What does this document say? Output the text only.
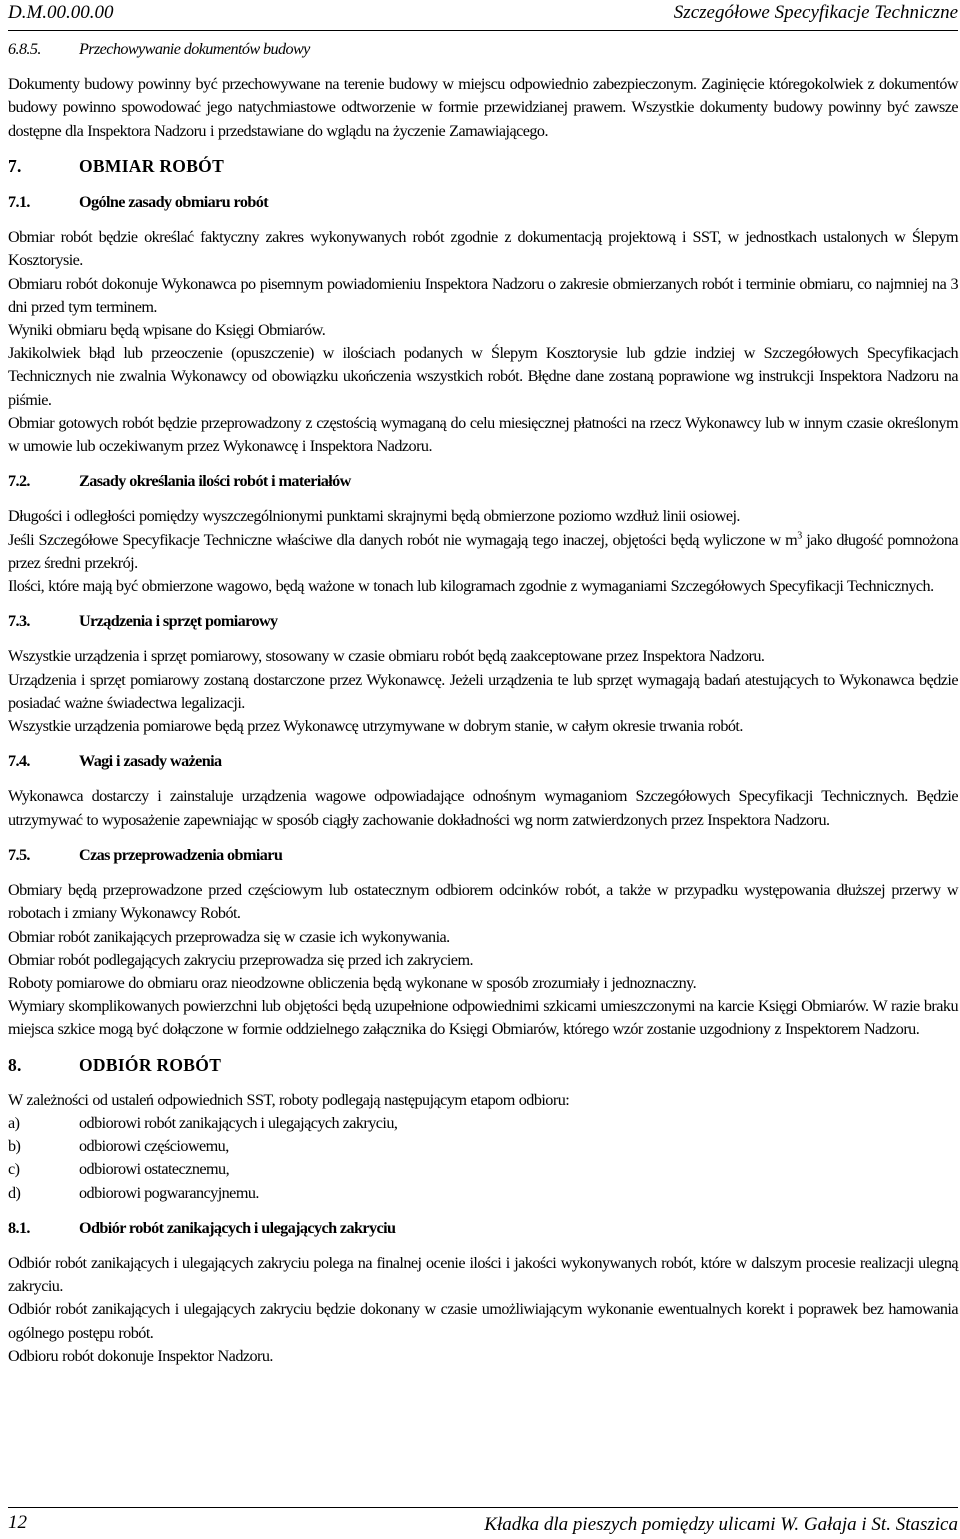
D.M.00.00.00	Szczegółowe Specyfikacje Techniczne
6.8.5.	Przechowywanie dokumentów budowy

Dokumenty budowy powinny być przechowywane na terenie budowy w miejscu odpowiednio zabezpieczonym. Zaginięcie któregokolwiek z dokumentów budowy powinno spowodować jego natychmiastowe odtworzenie w formie przewidzianej prawem. Wszystkie dokumenty budowy powinny być zawsze dostępne dla Inspektora Nadzoru i przedstawiane do wglądu na życzenie Zamawiającego.

7.	OBMIAR ROBÓT
7.1.	Ogólne zasady obmiaru robót

Obmiar robót będzie określać faktyczny zakres wykonywanych robót zgodnie z dokumentacją projektową i SST, w jednostkach ustalonych w Ślepym Kosztorysie.

Obmiaru robót dokonuje Wykonawca po pisemnym powiadomieniu Inspektora Nadzoru o zakresie obmierzanych robót i terminie obmiaru, co najmniej na 3 dni przed tym terminem.

Wyniki obmiaru będą wpisane do Księgi Obmiarów.

Jakikolwiek błąd lub przeoczenie (opuszczenie) w ilościach podanych w Ślepym Kosztorysie lub gdzie indziej w Szczegółowych Specyfikacjach Technicznych nie zwalnia Wykonawcy od obowiązku ukończenia wszystkich robót. Błędne dane zostaną poprawione wg instrukcji Inspektora Nadzoru na piśmie.

Obmiar gotowych robót będzie przeprowadzony z częstością wymaganą do celu miesięcznej płatności na rzecz Wykonawcy lub w innym czasie określonym w umowie lub oczekiwanym przez Wykonawcę i Inspektora Nadzoru.

7.2.	Zasady określania ilości robót i materiałów

Długości i odległości pomiędzy wyszczególnionymi punktami skrajnymi będą obmierzone poziomo wzdłuż linii osiowej.

Jeśli Szczegółowe Specyfikacje Techniczne właściwe dla danych robót nie wymagają tego inaczej, objętości będą wyliczone w $m^3$ jako długość pomnożona przez średni przekrój.

Ilości, które mają być obmierzone wagowo, będą ważone w tonach lub kilogramach zgodnie z wymaganiami Szczegółowych Specyfikacji Technicznych.

7.3.	Urządzenia i sprzęt pomiarowy

Wszystkie urządzenia i sprzęt pomiarowy, stosowany w czasie obmiaru robót będą zaakceptowane przez Inspektora Nadzoru.

Urządzenia i sprzęt pomiarowy zostaną dostarczone przez Wykonawcę. Jeżeli urządzenia te lub sprzęt wymagają badań atestujących to Wykonawca będzie posiadać ważne świadectwa legalizacji.

Wszystkie urządzenia pomiarowe będą przez Wykonawcę utrzymywane w dobrym stanie, w całym okresie trwania robót.

7.4.	Wagi i zasady ważenia

Wykonawca dostarczy i zainstaluje urządzenia wagowe odpowiadające odnośnym wymaganiom Szczegółowych Specyfikacji Technicznych. Będzie utrzymywać to wyposażenie zapewniając w sposób ciągły zachowanie dokładności wg norm zatwierdzonych przez Inspektora Nadzoru.

7.5.	Czas przeprowadzenia obmiaru

Obmiary będą przeprowadzone przed częściowym lub ostatecznym odbiorem odcinków robót, a także w przypadku występowania dłuższej przerwy w robotach i zmiany Wykonawcy Robót.

Obmiar robót zanikających przeprowadza się w czasie ich wykonywania.

Obmiar robót podlegających zakryciu przeprowadza się przed ich zakryciem.

Roboty pomiarowe do obmiaru oraz nieodzowne obliczenia będą wykonane w sposób zrozumiały i jednoznaczny.

Wymiary skomplikowanych powierzchni lub objętości będą uzupełnione odpowiednimi szkicami umieszczonymi na karcie Księgi Obmiarów. W razie braku miejsca szkice mogą być dołączone w formie oddzielnego załącznika do Księgi Obmiarów, którego wzór zostanie uzgodniony z Inspektorem Nadzoru.

8.	ODBIÓR ROBÓT

W zależności od ustaleń odpowiednich SST, roboty podlegają następującym etapom odbioru:

a)	odbiorowi robót zanikających i ulegających zakryciu,
b)	odbiorowi częściowemu,
c)	odbiorowi ostatecznemu,
d)	odbiorowi pogwarancyjnemu.
8.1.	Odbiór robót zanikających i ulegających zakryciu

Odbiór robót zanikających i ulegających zakryciu polega na finalnej ocenie ilości i jakości wykonywanych robót, które w dalszym procesie realizacji ulegną zakryciu.

Odbiór robót zanikających i ulegających zakryciu będzie dokonany w czasie umożliwiającym wykonanie ewentualnych korekt i poprawek bez hamowania ogólnego postępu robót.

Odbioru robót dokonuje Inspektor Nadzoru.

12	Kładka dla pieszych pomiędzy ulicami W. Gałaja i St. Staszica
